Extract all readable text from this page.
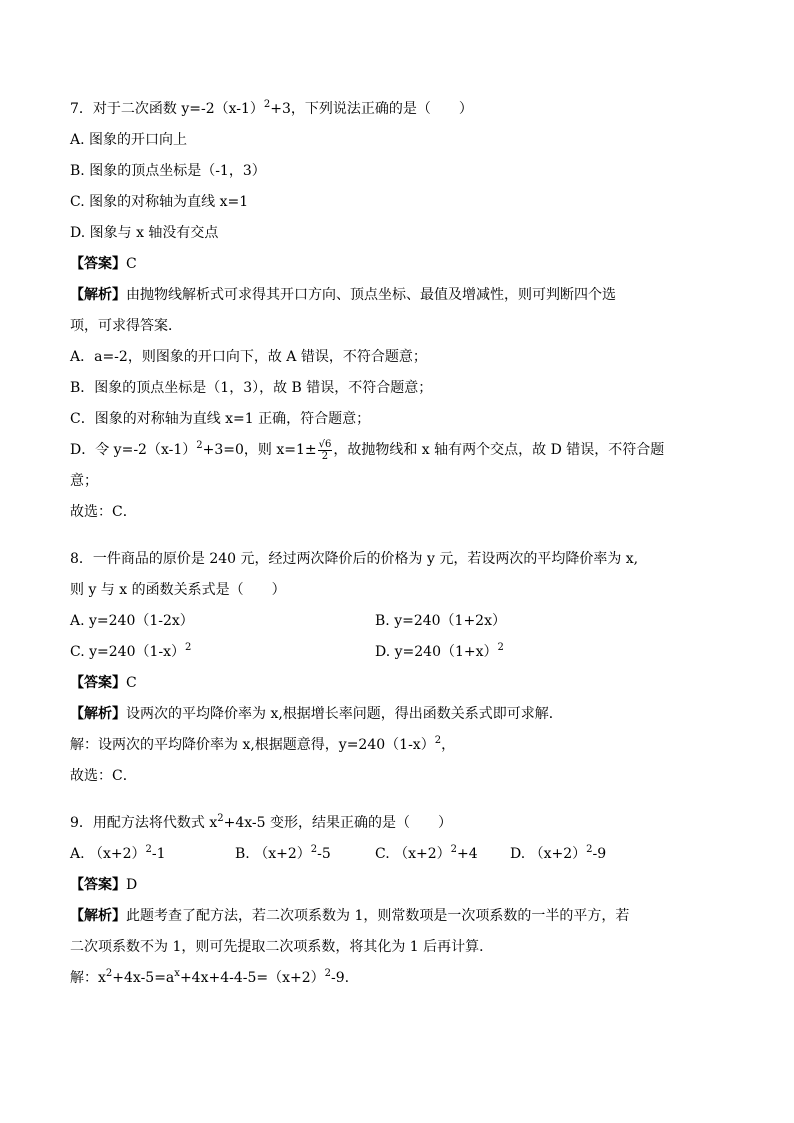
7．对于二次函数 $y=-2(x-1)^2+3$，下列说法正确的是（　　）
A. 图象的开口向上
B. 图象的顶点坐标是（-1，3）
C. 图象的对称轴为直线 x=1
D. 图象与 x 轴没有交点
【答案】C
【解析】由抛物线解析式可求得其开口方向、顶点坐标、最值及增减性，则可判断四个选
项，可求得答案．
A．a=-2，则图象的开口向下，故 A 错误，不符合题意；
B．图象的顶点坐标是（1，3），故 B 错误，不符合题意；
C．图象的对称轴为直线 x=1 正确，符合题意；
D．令 $y=-2(x-1)^2+3=0$，则 $x=1\pm \frac{√6}{2}$ ，故抛物线和 x 轴有两个交点，故 D 错误，不符合题
意；
故选：C．
8．一件商品的原价是 240 元，经过两次降价后的价格为 y 元，若设两次的平均降价率为 x,
则 y 与 x 的函数关系式是（　　）
A. y=240（1-2x）	B. y=240（1+2x）
C. $y=240(1-x)^2$	D. $y=240(1+x)^2$
【答案】C
【解析】设两次的平均降价率为 x,根据增长率问题，得出函数关系式即可求解．
解：设两次的平均降价率为 x,根据题意得，$y=240(1-x)^2$，
故选：C．
9．用配方法将代数式 $x^2+4x-5$ 变形，结果正确的是（　　）
A. $(x+2)^2-1$	B. $(x+2)^2-5$	C. $(x+2)^2+4$	D. $(x+2)^2-9$
【答案】D
【解析】此题考查了配方法，若二次项系数为 1，则常数项是一次项系数的一半的平方，若
二次项系数不为 1，则可先提取二次项系数，将其化为 1 后再计算．
解：$x^2+4x-5=a^x+4x+4-4-5=(x+2)^2-9$.
